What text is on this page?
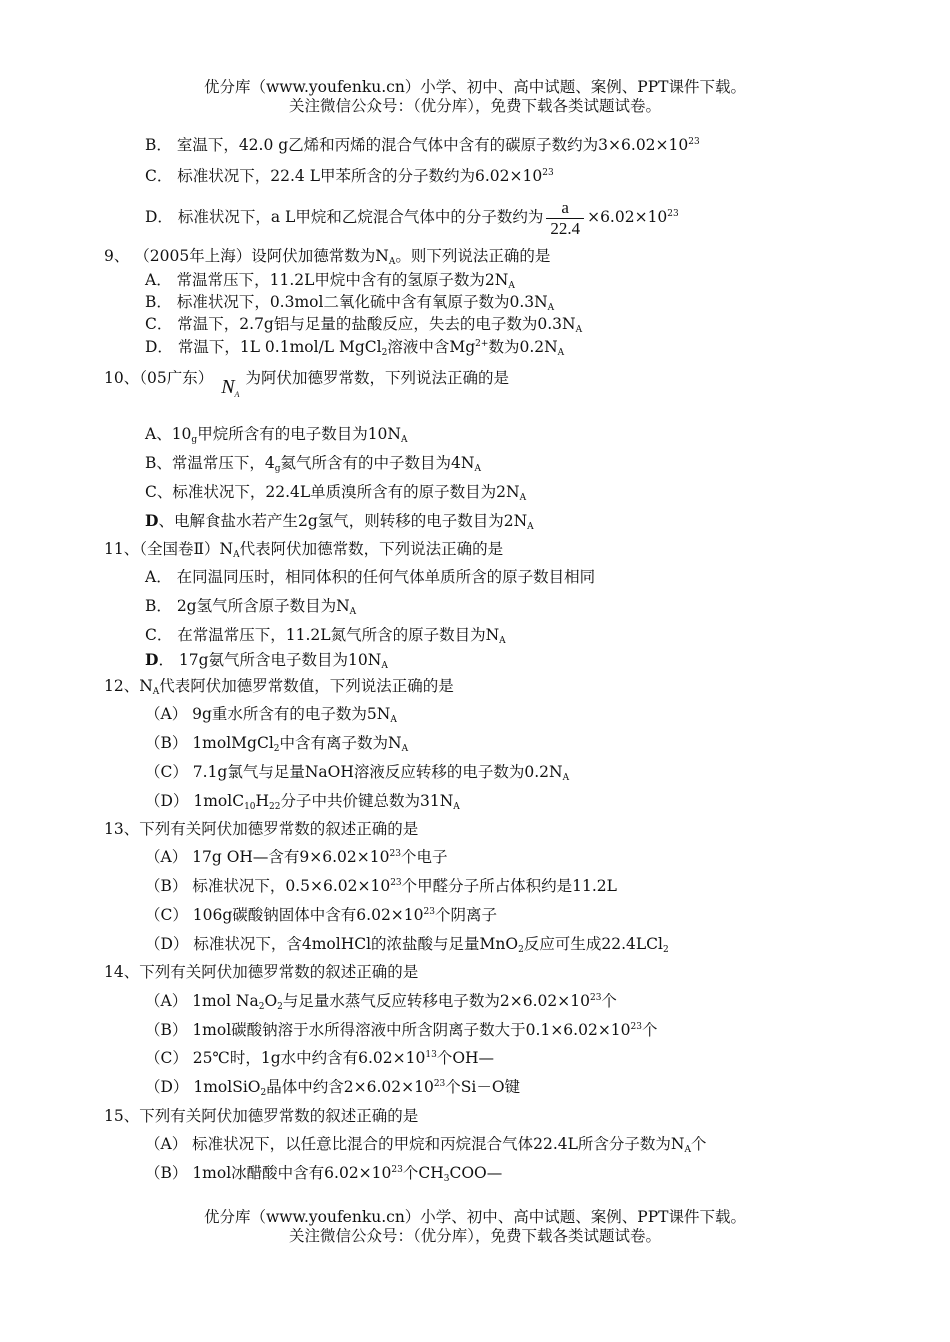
优分库（www.youfenku.cn）小学、初中、高中试题、案例、PPT课件下载。
关注微信公众号：（优分库），免费下载各类试题试卷。
B． 室温下，42.0 g乙烯和丙烯的混合气体中含有的碳原子数约为$3\times 6.02\times 10^{23}$
C． 标准状况下，22.4 L甲苯所含的分子数约为$6.02\times 10^{23}$
D． 标准状况下，a L甲烷和乙烷混合气体中的分子数约为 $\frac{a}{22.4} \times 6.02\times 10^{23}$
9、 （2005年上海）设阿伏加德常数为$N_A$。则下列说法正确的是
A． 常温常压下，11.2L甲烷中含有的氢原子数为$2N_A$
B． 标准状况下，0.3mol二氧化硫中含有氧原子数为$0.3N_A$
C． 常温下，2.7g铝与足量的盐酸反应，失去的电子数为$0.3N_A$
D． 常温下，1L 0.1mol/L MgCl$_2$溶液中含$Mg^{2+}$数为$0.2N_A$
10、（05广东） $N_A$为阿伏加德罗常数，下列说法正确的是
A、$10_g$甲烷所含有的电子数目为$10N_A$
B、常温常压下，$4_g$氦气所含有的中子数目为$4N_A$
C、标准状况下，22.4L单质溴所含有的原子数目为$2N_A$
D、电解食盐水若产生2g氢气，则转移的电子数目为$2N_A$
11、（全国卷$Ⅱ)N_A$代表阿伏加德常数，下列说法正确的是
A． 在同温同压时，相同体积的任何气体单质所含的原子数目相同
B． 2g氢气所含原子数目为$N_A$
C． 在常温常压下，11.2L氮气所含的原子数目为$N_A$
D． 17g氨气所含电子数目为$10N_A$
12、$N_A$代表阿伏加德罗常数值，下列说法正确的是
（A） 9g重水所含有的电子数为$5N_A$
（B） 1molMgCl$_2$中含有离子数为$N_A$
（C） 7.1g氯气与足量NaOH溶液反应转移的电子数为$0.2N_A$
（D） $1molC_{10}H_{22}$分子中共价键总数为$31N_A$
13、下列有关阿伏加德罗常数的叙述正确的是
（A） 17g OH—含有$9\times 6.02\times 10^{23}$个电子
（B） 标准状况下，$0.5\times 6.02\times 10^{23}$个甲醛分子所占体积约是11.2L
（C） 106g碳酸钠固体中含有$6.02\times 10^{23}$个阴离子
（D） 标准状况下，含4molHCl的浓盐酸与足量MnO$_2$反应可生成22.4LCl$_2$
14、下列有关阿伏加德罗常数的叙述正确的是
（A） 1mol $Na_2O_2$与足量水蒸气反应转移电子数为$2\times 6.02\times 10^{23}$个
（B） 1mol碳酸钠溶于水所得溶液中所含阴离子数大于$0.1\times 6.02\times 10^{23}$个
（C） 25℃时，1g水中约含有$6.02\times 10^{13}$个OH—
（D） 1molSiO$_2$晶体中约含$2\times 6.02\times 10^{23}$个Si－O键
15、下列有关阿伏加德罗常数的叙述正确的是
（A） 标准状况下，以任意比混合的甲烷和丙烷混合气体22.4L所含分子数为$N_A$个
（B） 1mol冰醋酸中含有$6.02\times 10^{23}$个$CH_3COO—$
优分库（www.youfenku.cn）小学、初中、高中试题、案例、PPT课件下载。
关注微信公众号：（优分库），免费下载各类试题试卷。
